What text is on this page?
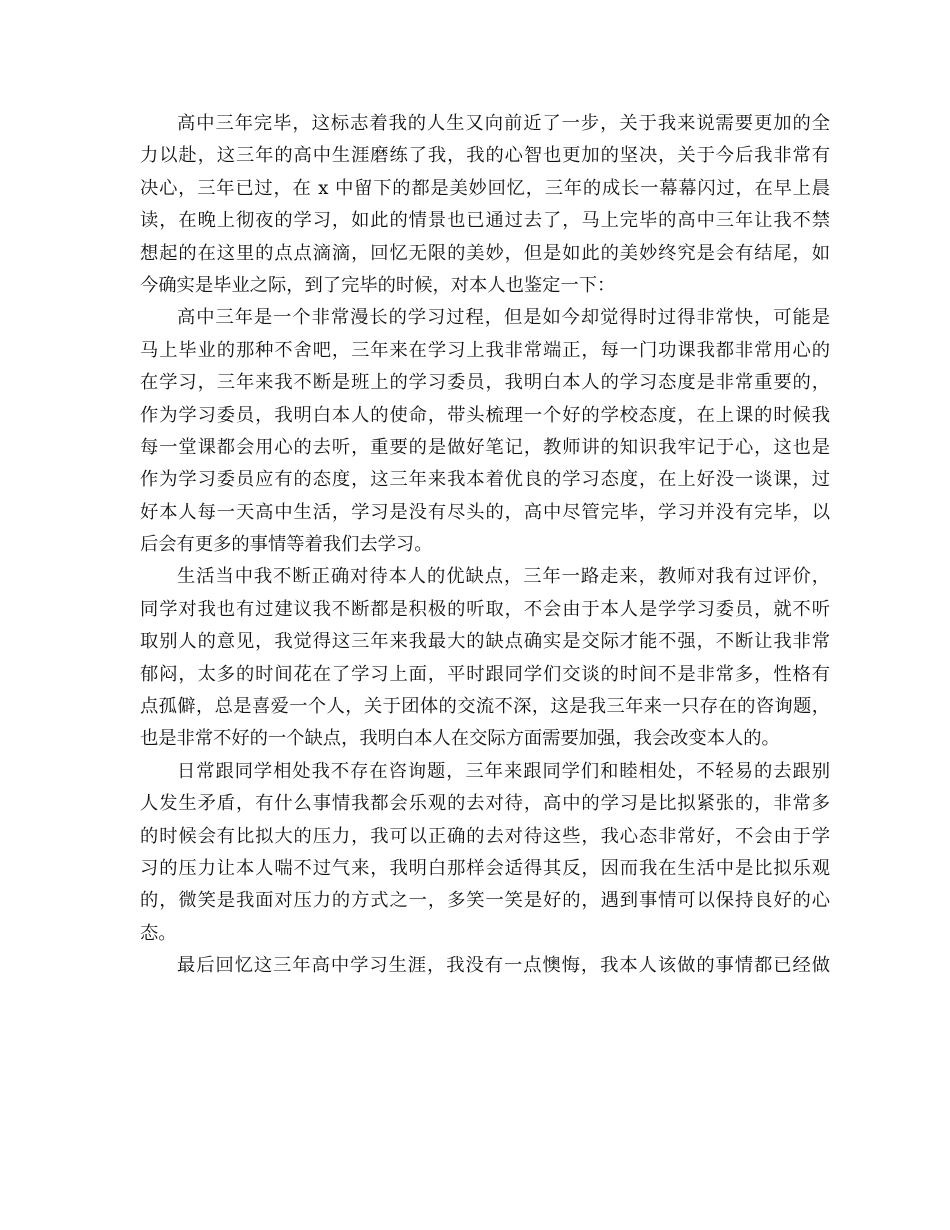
高中三年完毕，这标志着我的人生又向前近了一步，关于我来说需要更加的全
力以赴，这三年的高中生涯磨练了我，我的心智也更加的坚决，关于今后我非常有
决心，三年已过，在 x 中留下的都是美妙回忆，三年的成长一幕幕闪过，在早上晨
读，在晚上彻夜的学习，如此的情景也已通过去了，马上完毕的高中三年让我不禁
想起的在这里的点点滴滴，回忆无限的美妙，但是如此的美妙终究是会有结尾，如
今确实是毕业之际，到了完毕的时候，对本人也鉴定一下：
高中三年是一个非常漫长的学习过程，但是如今却觉得时过得非常快，可能是
马上毕业的那种不舍吧，三年来在学习上我非常端正，每一门功课我都非常用心的
在学习，三年来我不断是班上的学习委员，我明白本人的学习态度是非常重要的，
作为学习委员，我明白本人的使命，带头梳理一个好的学校态度，在上课的时候我
每一堂课都会用心的去听，重要的是做好笔记，教师讲的知识我牢记于心，这也是
作为学习委员应有的态度，这三年来我本着优良的学习态度，在上好没一谈课，过
好本人每一天高中生活，学习是没有尽头的，高中尽管完毕，学习并没有完毕，以
后会有更多的事情等着我们去学习。
生活当中我不断正确对待本人的优缺点，三年一路走来，教师对我有过评价，
同学对我也有过建议我不断都是积极的听取，不会由于本人是学学习委员，就不听
取别人的意见，我觉得这三年来我最大的缺点确实是交际才能不强，不断让我非常
郁闷，太多的时间花在了学习上面，平时跟同学们交谈的时间不是非常多，性格有
点孤僻，总是喜爱一个人，关于团体的交流不深，这是我三年来一只存在的咨询题，
也是非常不好的一个缺点，我明白本人在交际方面需要加强，我会改变本人的。
日常跟同学相处我不存在咨询题，三年来跟同学们和睦相处，不轻易的去跟别
人发生矛盾，有什么事情我都会乐观的去对待，高中的学习是比拟紧张的，非常多
的时候会有比拟大的压力，我可以正确的去对待这些，我心态非常好，不会由于学
习的压力让本人喘不过气来，我明白那样会适得其反，因而我在生活中是比拟乐观
的，微笑是我面对压力的方式之一，多笑一笑是好的，遇到事情可以保持良好的心
态。
最后回忆这三年高中学习生涯，我没有一点懊悔，我本人该做的事情都已经做
